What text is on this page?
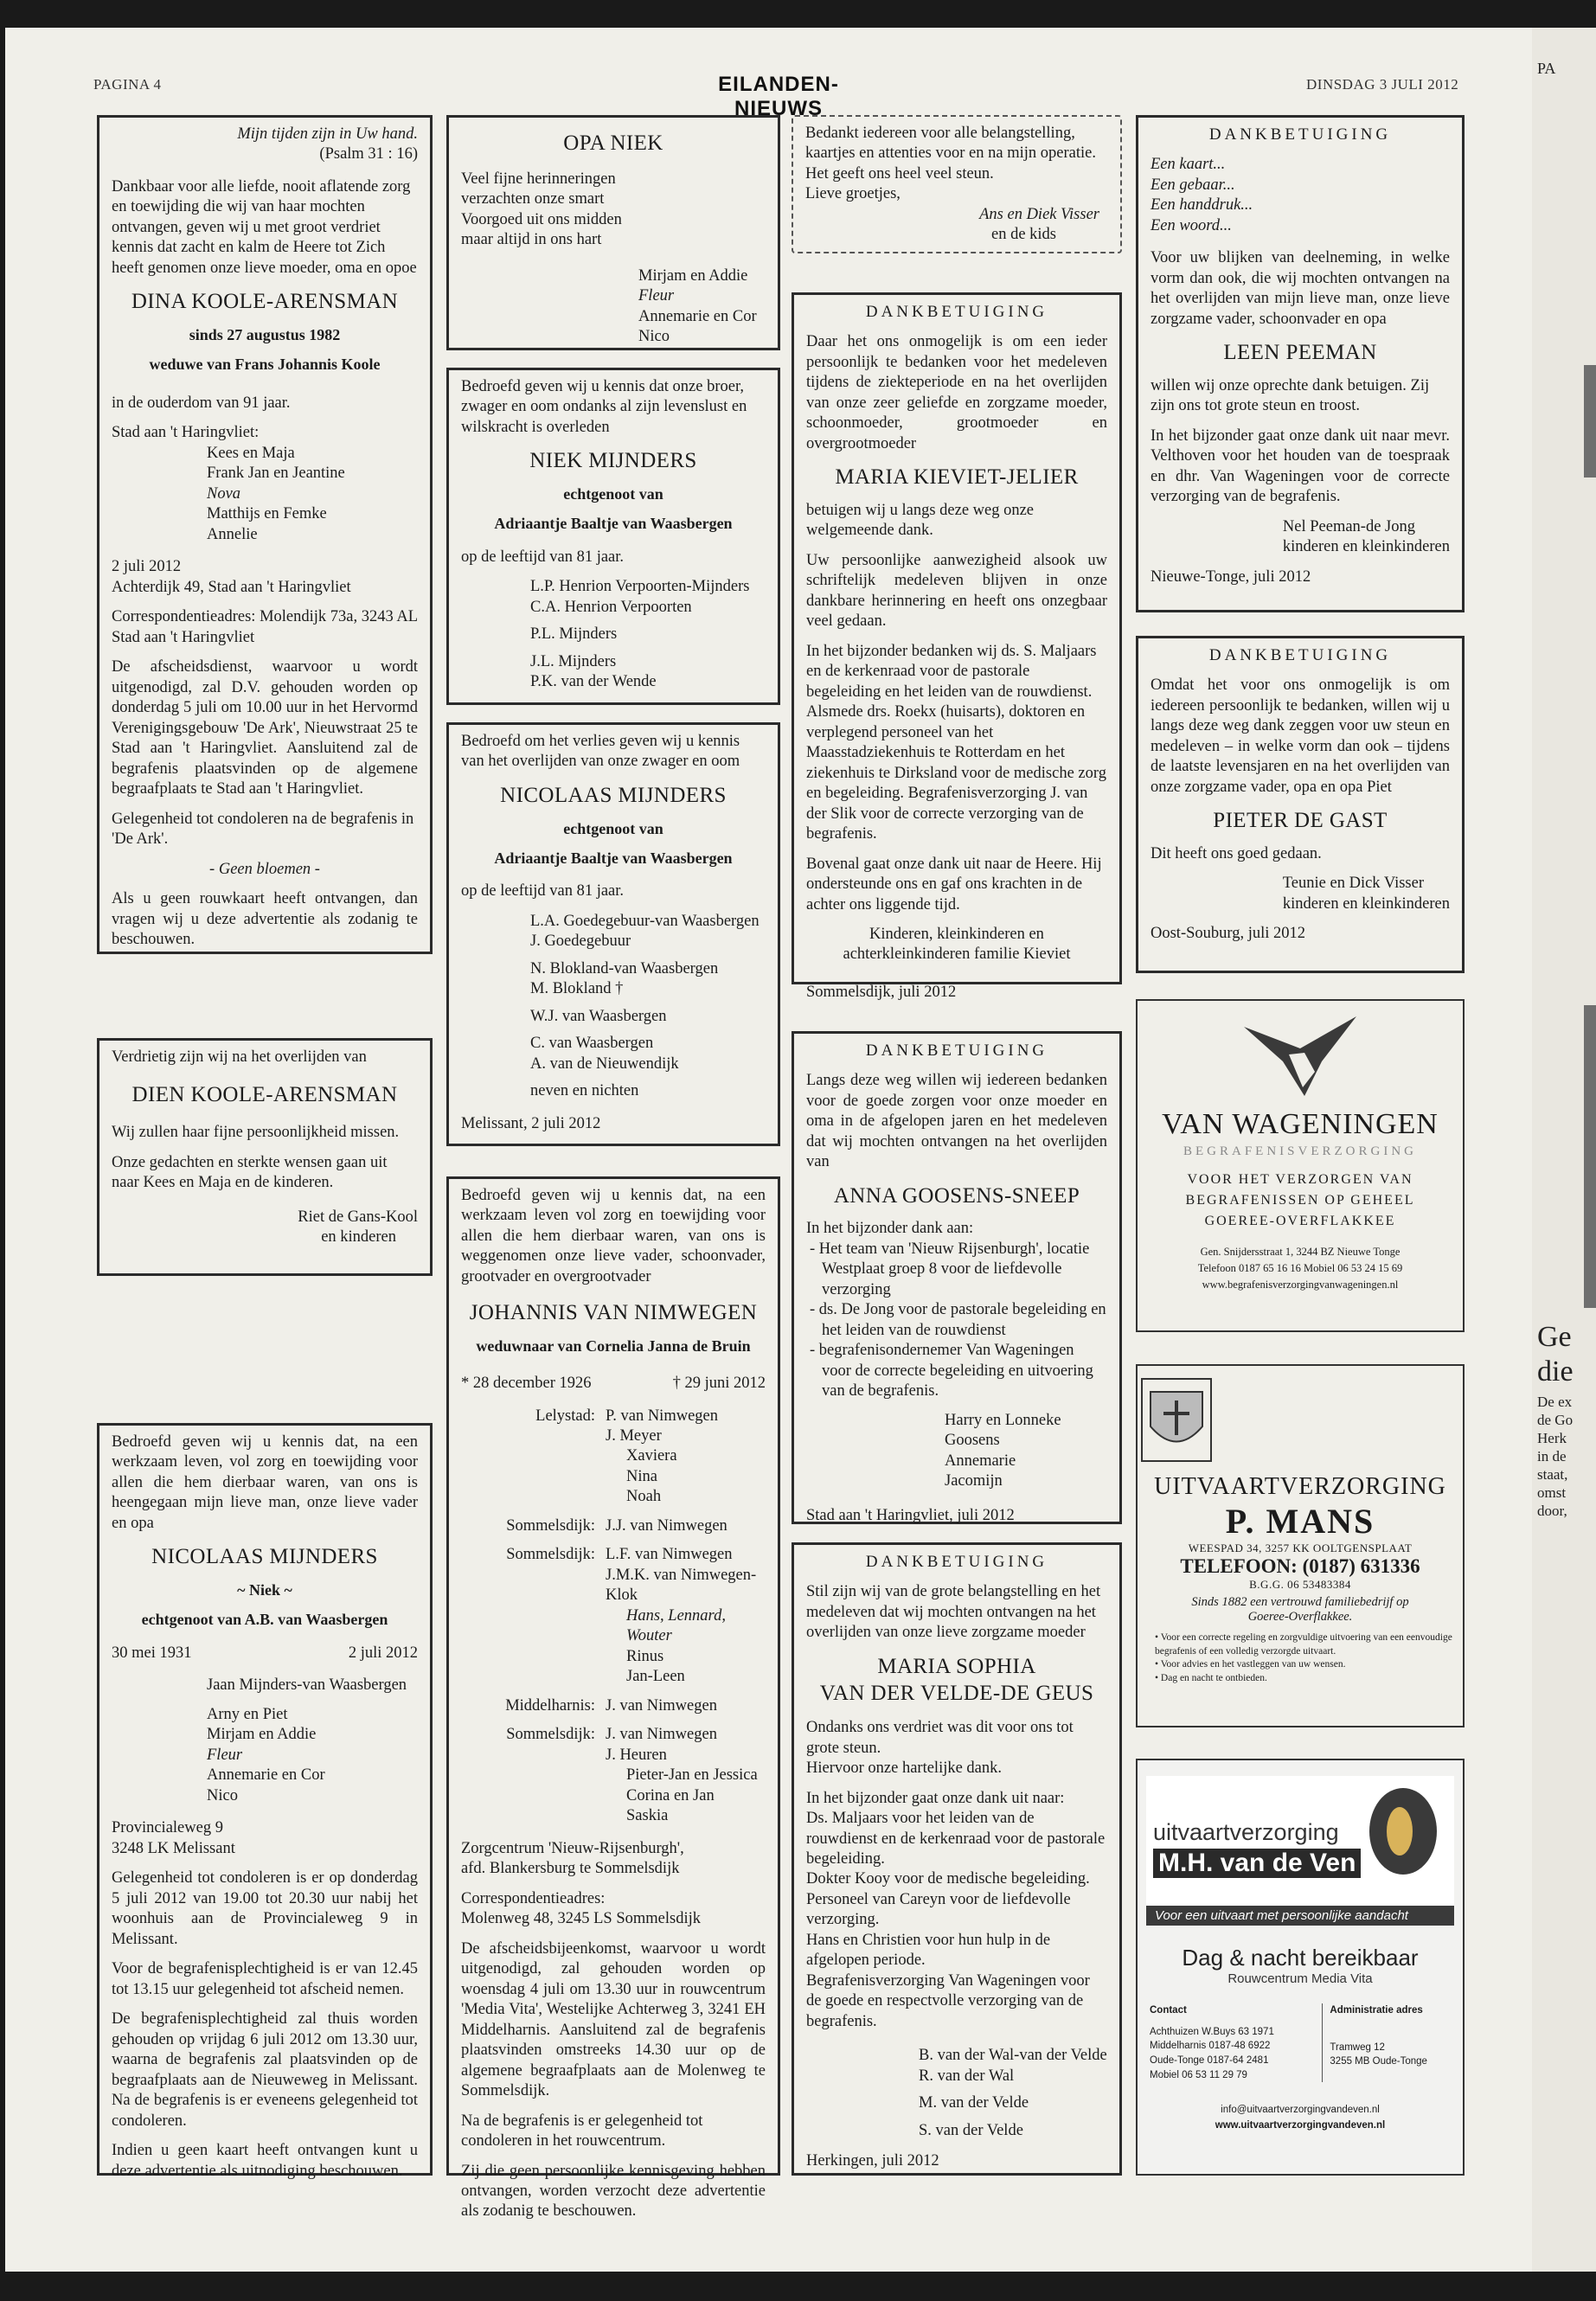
PA
Ge
die
De ex
de Go
Herk
in de
staat,
omst
door,
PAGINA 4	EILANDEN-NIEUWS
DINSDAG 3 JULI 2012

Mijn tijden zijn in Uw hand.

(Psalm 31 : 16)

Dankbaar voor alle liefde, nooit aflatende zorg en toewijding die wij van haar mochten ontvangen, geven wij u met groot verdriet kennis dat zacht en kalm de Heere tot Zich heeft genomen onze lieve moeder, oma en opoe

DINA KOOLE-ARENSMAN

sinds 27 augustus 1982

weduwe van Frans Johannis Koole

in de ouderdom van 91 jaar.

Stad aan 't Haringvliet:

Kees en Maja
Frank Jan en Jeantine
Nova
Matthijs en Femke
Annelie

2 juli 2012

Achterdijk 49, Stad aan 't Haringvliet

Correspondentieadres: Molendijk 73a, 3243 AL Stad aan 't Haringvliet

De afscheidsdienst, waarvoor u wordt uitgenodigd, zal D.V. gehouden worden op donderdag 5 juli om 10.00 uur in het Hervormd Verenigingsgebouw 'De Ark', Nieuwstraat 25 te Stad aan 't Haringvliet. Aansluitend zal de begrafenis plaatsvinden op de algemene begraafplaats te Stad aan 't Haringvliet.

Gelegenheid tot condoleren na de begrafenis in 'De Ark'.

- Geen bloemen -

Als u geen rouwkaart heeft ontvangen, dan vragen wij u deze advertentie als zodanig te beschouwen.

Verdrietig zijn wij na het overlijden van

DIEN KOOLE-ARENSMAN

Wij zullen haar fijne persoonlijkheid missen.

Onze gedachten en sterkte wensen gaan uit naar Kees en Maja en de kinderen.

Riet de Gans-Kool

en kinderen

Bedroefd geven wij u kennis dat, na een werkzaam leven, vol zorg en toewijding voor allen die hem dierbaar waren, van ons is heengegaan mijn lieve man, onze lieve vader en opa

NICOLAAS MIJNDERS

~ Niek ~

echtgenoot van A.B. van Waasbergen

30 mei 1931	2 juli 2012
Jaan Mijnders-van Waasbergen
Arny en Piet
Mirjam en Addie
Fleur
Annemarie en Cor
Nico

Provincialeweg 9

3248 LK Melissant

Gelegenheid tot condoleren is er op donderdag 5 juli 2012 van 19.00 tot 20.30 uur nabij het woonhuis aan de Provincialeweg 9 in Melissant.

Voor de begrafenisplechtigheid is er van 12.45 tot 13.15 uur gelegenheid tot afscheid nemen.

De begrafenisplechtigheid zal thuis worden gehouden op vrijdag 6 juli 2012 om 13.30 uur, waarna de begrafenis zal plaatsvinden op de begraafplaats aan de Nieuweweg in Melissant. Na de begrafenis is er eveneens gelegenheid tot condoleren.

Indien u geen kaart heeft ontvangen kunt u deze advertentie als uitnodiging beschouwen.

OPA NIEK

Veel fijne herinneringen
verzachten onze smart
Voorgoed uit ons midden
maar altijd in ons hart
Mirjam en Addie
Fleur
Annemarie en Cor
Nico

Bedroefd geven wij u kennis dat onze broer, zwager en oom ondanks al zijn levenslust en wilskracht is overleden

NIEK MIJNDERS

echtgenoot van

Adriaantje Baaltje van Waasbergen

op de leeftijd van 81 jaar.

L.P. Henrion Verpoorten-Mijnders
C.A. Henrion Verpoorten
P.L. Mijnders
J.L. Mijnders
P.K. van der Wende

Bedroefd om het verlies geven wij u kennis van het overlijden van onze zwager en oom

NICOLAAS MIJNDERS

echtgenoot van

Adriaantje Baaltje van Waasbergen

op de leeftijd van 81 jaar.

L.A. Goedegebuur-van Waasbergen
J. Goedegebuur
N. Blokland-van Waasbergen
M. Blokland †
W.J. van Waasbergen
C. van Waasbergen
A. van de Nieuwendijk
neven en nichten

Melissant, 2 juli 2012

Bedroefd geven wij u kennis dat, na een werkzaam leven vol zorg en toewijding voor allen die hem dierbaar waren, van ons is weggenomen onze lieve vader, schoonvader, grootvader en overgrootvader

JOHANNIS VAN NIMWEGEN

weduwnaar van Cornelia Janna de Bruin

* 28 december 1926	† 29 juni 2012
Lelystad: P. van Nimwegen
J. Meyer
Xaviera
Nina
Noah
Sommelsdijk: J.J. van Nimwegen
Sommelsdijk: L.F. van Nimwegen
J.M.K. van Nimwegen-Klok
Hans, Lennard, Wouter
Rinus
Jan-Leen
Middelharnis: J. van Nimwegen
Sommelsdijk: J. van Nimwegen
J. Heuren
Pieter-Jan en Jessica
Corina en Jan
Saskia

Zorgcentrum 'Nieuw-Rijsenburgh',

afd. Blankersburg te Sommelsdijk

Correspondentieadres:

Molenweg 48, 3245 LS Sommelsdijk

De afscheidsbijeenkomst, waarvoor u wordt uitgenodigd, zal gehouden worden op woensdag 4 juli om 13.30 uur in rouwcentrum 'Media Vita', Westelijke Achterweg 3, 3241 EH Middelharnis. Aansluitend zal de begrafenis plaatsvinden omstreeks 14.30 uur op de algemene begraafplaats aan de Molenweg te Sommelsdijk.

Na de begrafenis is er gelegenheid tot condoleren in het rouwcentrum.

Zij die geen persoonlijke kennisgeving hebben ontvangen, worden verzocht deze advertentie als zodanig te beschouwen.

Bedankt iedereen voor alle belangstelling, kaartjes en attenties voor en na mijn operatie. Het geeft ons heel veel steun.

Lieve groetjes,

Ans en Diek Visser

en de kids

DANKBETUIGING

Daar het ons onmogelijk is om een ieder persoonlijk te bedanken voor het medeleven tijdens de ziekteperiode en na het overlijden van onze zeer geliefde en zorgzame moeder, schoonmoeder, grootmoeder en overgrootmoeder

MARIA KIEVIET-JELIER

betuigen wij u langs deze weg onze welgemeende dank.

Uw persoonlijke aanwezigheid alsook uw schriftelijk medeleven blijven in onze dankbare herinnering en heeft ons onzegbaar veel gedaan.

In het bijzonder bedanken wij ds. S. Maljaars en de kerkenraad voor de pastorale begeleiding en het leiden van de rouwdienst.

Alsmede drs. Roekx (huisarts), doktoren en verplegend personeel van het Maasstadziekenhuis te Rotterdam en het ziekenhuis te Dirksland voor de medische zorg en begeleiding. Begrafenisverzorging J. van der Slik voor de correcte verzorging van de begrafenis.

Bovenal gaat onze dank uit naar de Heere. Hij ondersteunde ons en gaf ons krachten in de achter ons liggende tijd.

Kinderen, kleinkinderen en

achterkleinkinderen familie Kieviet

Sommelsdijk, juli 2012

DANKBETUIGING

Langs deze weg willen wij iedereen bedanken voor de goede zorgen voor onze moeder en oma in de afgelopen jaren en het medeleven dat wij mochten ontvangen na het overlijden van

ANNA GOOSENS-SNEEP

In het bijzonder dank aan:

- Het team van 'Nieuw Rijsenburgh', locatie Westplaat groep 8 voor de liefdevolle verzorging
- ds. De Jong voor de pastorale begeleiding en het leiden van de rouwdienst
- begrafenisondernemer Van Wageningen voor de correcte begeleiding en uitvoering van de begrafenis.
Harry en Lonneke Goosens
Annemarie
Jacomijn

Stad aan 't Haringvliet, juli 2012

DANKBETUIGING

Stil zijn wij van de grote belangstelling en het medeleven dat wij mochten ontvangen na het overlijden van onze lieve zorgzame moeder

MARIA SOPHIA

VAN DER VELDE-DE GEUS

Ondanks ons verdriet was dit voor ons tot grote steun.

Hiervoor onze hartelijke dank.

In het bijzonder gaat onze dank uit naar:

Ds. Maljaars voor het leiden van de rouwdienst en de kerkenraad voor de pastorale begeleiding.
Dokter Kooy voor de medische begeleiding.
Personeel van Careyn voor de liefdevolle verzorging.
Hans en Christien voor hun hulp in de afgelopen periode.
Begrafenisverzorging Van Wageningen voor de goede en respectvolle verzorging van de begrafenis.
B. van der Wal-van der Velde
R. van der Wal
M. van der Velde
S. van der Velde

Herkingen, juli 2012

DANKBETUIGING

Een kaart...
Een gebaar...
Een handdruk...
Een woord...

Voor uw blijken van deelneming, in welke vorm dan ook, die wij mochten ontvangen na het overlijden van mijn lieve man, onze lieve zorgzame vader, schoonvader en opa

LEEN PEEMAN

willen wij onze oprechte dank betuigen. Zij zijn ons tot grote steun en troost.

In het bijzonder gaat onze dank uit naar mevr. Velthoven voor het houden van de toespraak en dhr. Van Wageningen voor de correcte verzorging van de begrafenis.

Nel Peeman-de Jong

kinderen en kleinkinderen

Nieuwe-Tonge, juli 2012

DANKBETUIGING

Omdat het voor ons onmogelijk is om iedereen persoonlijk te bedanken, willen wij u langs deze weg dank zeggen voor uw steun en medeleven – in welke vorm dan ook – tijdens de laatste levensjaren en na het overlijden van onze zorgzame vader, opa en opa Piet

PIETER DE GAST

Dit heeft ons goed gedaan.

Teunie en Dick Visser

kinderen en kleinkinderen

Oost-Souburg, juli 2012

VAN WAGENINGEN
BEGRAFENISVERZORGING
VOOR HET VERZORGEN VAN
BEGRAFENISSEN OP GEHEEL
GOEREE-OVERFLAKKEE
Gen. Snijdersstraat 1, 3244 BZ Nieuwe Tonge
Telefoon 0187 65 16 16 Mobiel 06 53 24 15 69
www.begrafenisverzorgingvanwageningen.nl
UITVAARTVERZORGING
P. MANS
WEESPAD 34, 3257 KK OOLTGENSPLAAT
TELEFOON: (0187) 631336
B.G.G. 06 53483384
Sinds 1882 een vertrouwd familiebedrijf op
Goeree-Overflakkee.
• Voor een correcte regeling en zorgvuldige uitvoering van een eenvoudige begrafenis of een volledig verzorgde uitvaart.
• Voor advies en het vastleggen van uw wensen.
• Dag en nacht te ontbieden.
uitvaartverzorging
M.H. van de Ven
Voor een uitvaart met persoonlijke aandacht
Dag & nacht bereikbaar
Rouwcentrum Media Vita
Contact
Achthuizen W.Buys 63 1971
Middelharnis 0187-48 6922
Oude-Tonge 0187-64 2481
Mobiel 06 53 11 29 79
Administratie adres
Tramweg 12
3255 MB Oude-Tonge
info@uitvaartverzorgingvandeven.nl
www.uitvaartverzorgingvandeven.nl
